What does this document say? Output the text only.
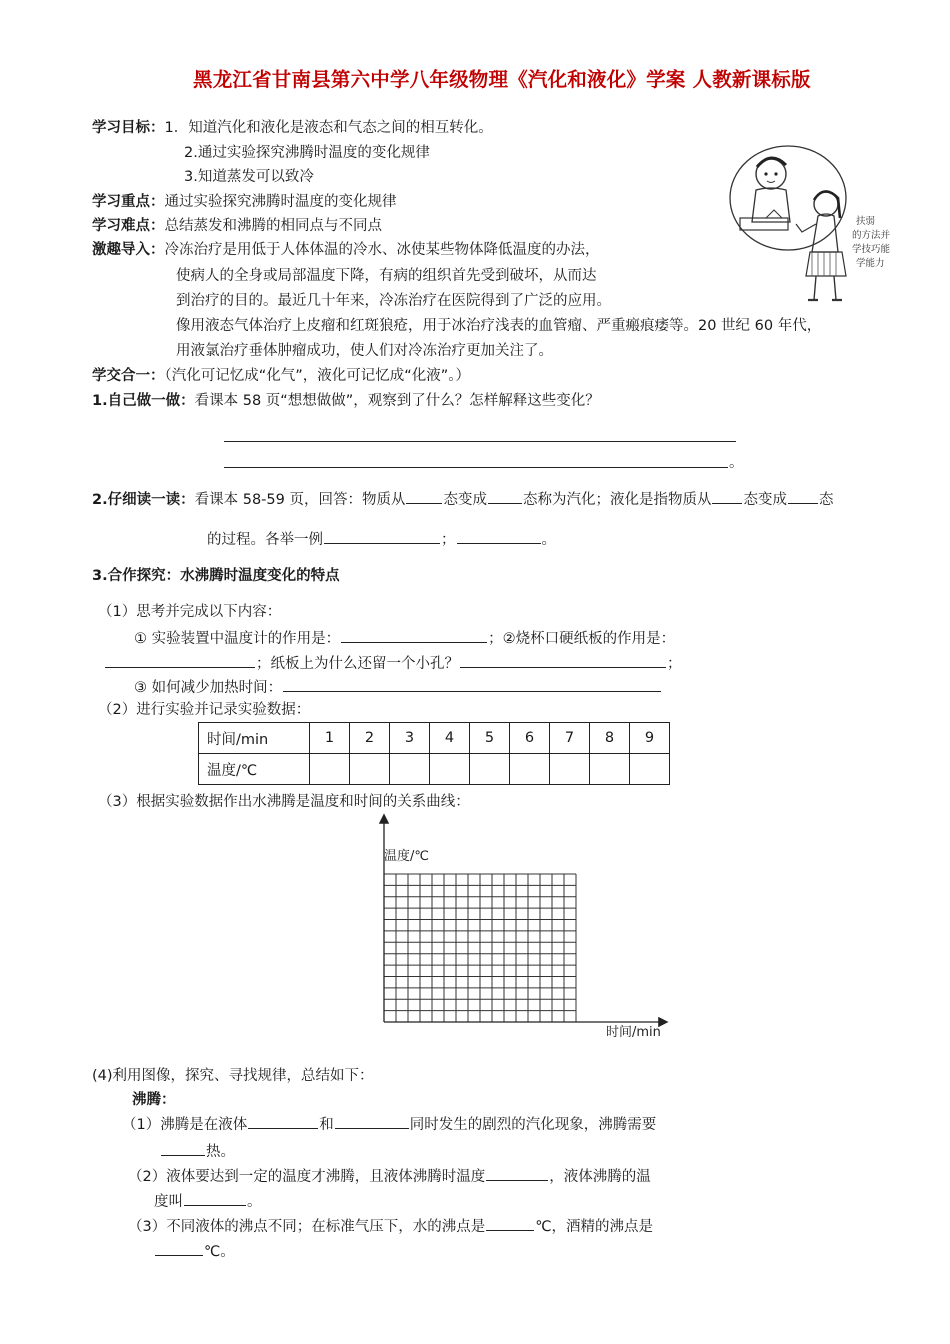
黑龙江省甘南县第六中学八年级物理《汽化和液化》学案 人教新课标版
学习目标：1．知道汽化和液化是液态和气态之间的相互转化。
2.通过实验探究沸腾时温度的变化规律
3.知道蒸发可以致冷
学习重点：通过实验探究沸腾时温度的变化规律
学习难点：总结蒸发和沸腾的相同点与不同点
激趣导入：冷冻治疗是用低于人体体温的冷水、冰使某些物体降低温度的办法，
使病人的全身或局部温度下降，有病的组织首先受到破坏，从而达
到治疗的目的。最近几十年来，冷冻治疗在医院得到了广泛的应用。
像用液态气体治疗上皮瘤和红斑狼疮，用于冰治疗浅表的血管瘤、严重瘢痕痿等。20 世纪 60 年代，
用液氯治疗垂体肿瘤成功，使人们对冷冻治疗更加关注了。
扶弱
的方法并
学技巧能
学能力
学交合一：（汽化可记忆成“化气”，液化可记忆成“化液”。）
1.自己做一做：看课本 58 页“想想做做”，观察到了什么？怎样解释这些变化？
。
2.仔细读一读：看课本 58-59 页，回答：物质从	态变成 态称为汽化；液化是指物质从 态变成 态
的过程。各举一例	；	。
3.合作探究：水沸腾时温度变化的特点
（1）思考并完成以下内容：
① 实验装置中温度计的作用是：	；②烧杯口硬纸板的作用是：
；纸板上为什么还留一个小孔？	；
③ 如何减少加热时间：
（2）进行实验并记录实验数据：
时间/min	1	2	3	4	5	6	7	8	9
温度/℃									
（3）根据实验数据作出水沸腾是温度和时间的关系曲线：
温度/℃
时间/min
(4)利用图像，探究、寻找规律，总结如下：
沸腾：
（1）沸腾是在液体	和	同时发生的剧烈的汽化现象，沸腾需要
热。
（2）液体要达到一定的温度才沸腾，且液体沸腾时温度	，液体沸腾的温
度叫	。
（3）不同液体的沸点不同；在标准气压下，水的沸点是	℃，酒精的沸点是
℃。
